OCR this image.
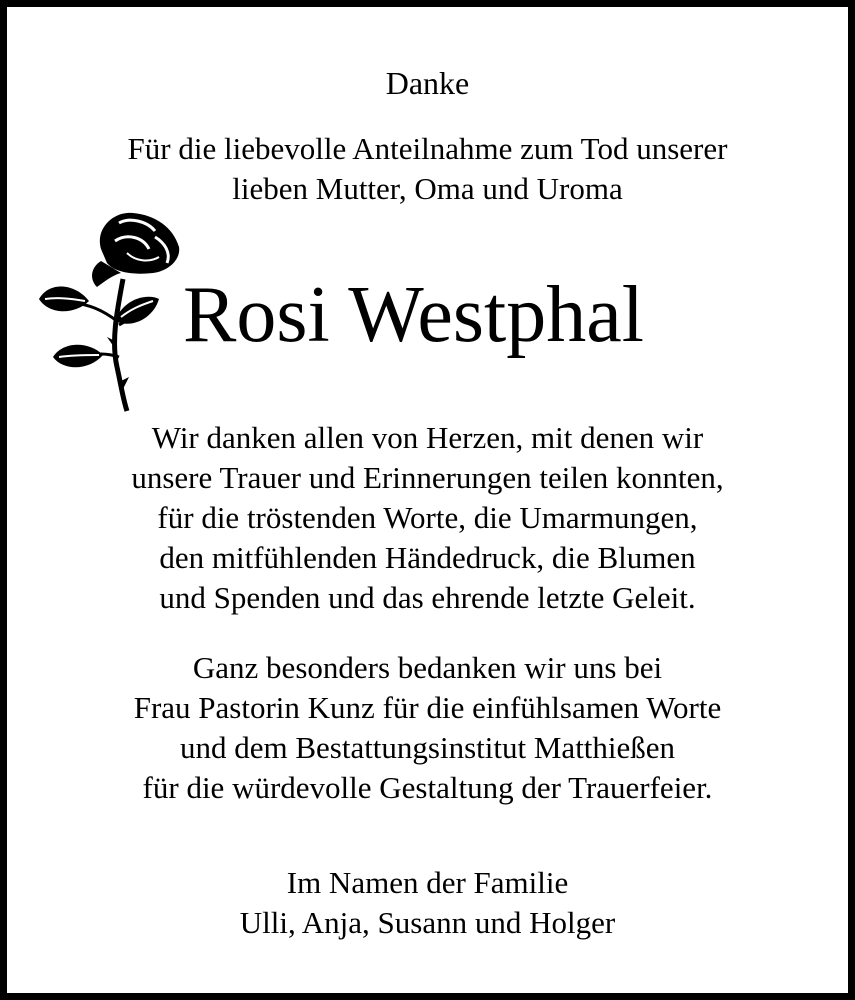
Danke
Für die liebevolle Anteilnahme zum Tod unserer
lieben Mutter, Oma und Uroma
Rosi Westphal
Wir danken allen von Herzen, mit denen wir
unsere Trauer und Erinnerungen teilen konnten,
für die tröstenden Worte, die Umarmungen,
den mitfühlenden Händedruck, die Blumen
und Spenden und das ehrende letzte Geleit.
Ganz besonders bedanken wir uns bei
Frau Pastorin Kunz für die einfühlsamen Worte
und dem Bestattungsinstitut Matthießen
für die würdevolle Gestaltung der Trauerfeier.
Im Namen der Familie
Ulli, Anja, Susann und Holger
